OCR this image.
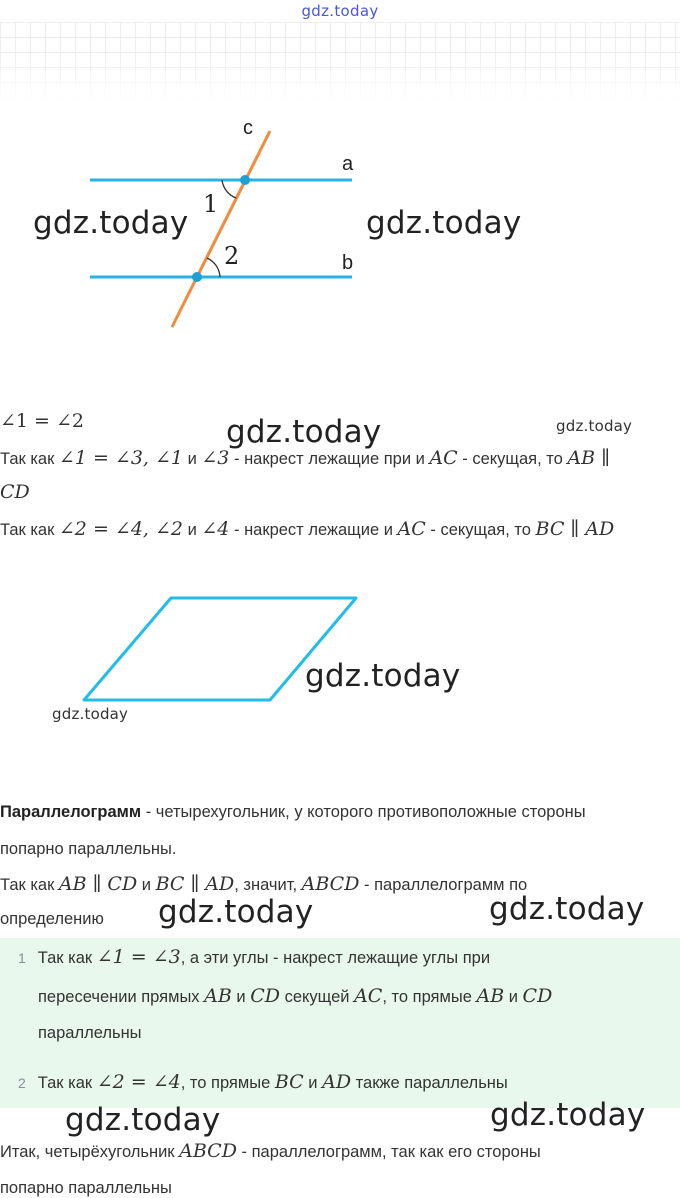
gdz.today
c
a
b
1
2
gdz.today	gdz.today
∠1 = ∠2	gdz.today	gdz.today
Так как ∠1 = ∠3, ∠1 и ∠3 - накрест лежащие при и AC - секущая, то AB ∥
CD
Так как ∠2 = ∠4, ∠2 и ∠4 - накрест лежащие и AC - секущая, то BC ∥ AD
gdz.today
gdz.today
Параллелограмм - четырехугольник, у которого противоположные стороны
попарно параллельны.
Так как AB ∥ CD и BC ∥ AD, значит, ABCD - параллелограмм по
определению gdz.today	gdz.today
1 Так как ∠1 = ∠3, а эти углы - накрест лежащие углы при
пересечении прямых AB и CD секущей AC, то прямые AB и CD
параллельны
2 Так как ∠2 = ∠4, то прямые BC и AD также параллельны
gdz.today	gdz.today
Итак, четырёхугольник ABCD - параллелограмм, так как его стороны
попарно параллельны
